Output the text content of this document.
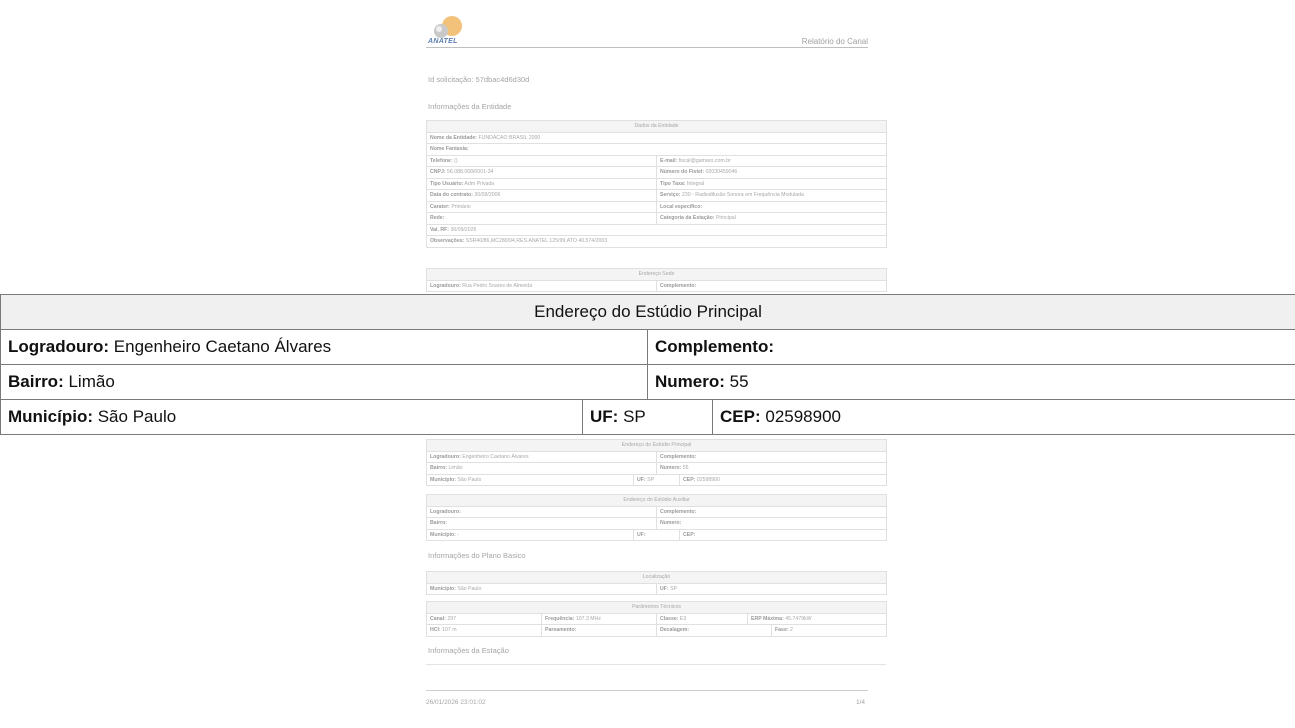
ANATEL	Relatório do Canal
Id solicitação: 57dbac4d6d30d
Informações da Entidade
Dados da Entidade	
Nome da Entidade: FUNDACAO BRASIL 2000	
Nome Fantasia:	
Telefone: ()	E-mail: fiscal@gamaro.com.br
CNPJ: 56.088.068/0001-34	Número do Fistel: 02030459046
Tipo Usuário: Adm Privada	Tipo Taxa: Integral
Data do contrato: 30/09/2006	Serviço: 230 - Radiodifusão Sonora em Frequência Modulada
Carater: Primário	Local específico:
Rede:	Categoria da Estação: Principal
Val. RF: 30/09/2026	
Observações: SSR40/86,MC280/94,RES.ANATEL 125/99,ATO 40.574/2003	
Endereço Sede
Logradouro: Rua Pedro Soares de Almeida	Complemento:
Endereço do Estúdio Principal			
Logradouro: Engenheiro Caetano Álvares		Complemento:	
Bairro: Limão		Numero: 55	
Município: São Paulo	UF: SP		CEP: 02598900
Endereço do Estúdio Auxiliar			
Logradouro:		Complemento:	
Bairro:		Numero:	
Município: -	UF:		CEP:
Informações do Plano Basico
Localização
Município: São Paulo	UF: SP
Parâmetros Técnicos				
Canal: 297	Frequência: 107.3 MHz	Classe: E3	ERP Máxima: 45.7479kW	
HCI: 107 m	Pareamento:	Decalagem:		Fase: 2
Informações da Estação
26/01/2026 23:01:02	1/4
Endereço do Estúdio Principal			
Logradouro: Engenheiro Caetano Álvares		Complemento:	
Bairro: Limão		Numero: 55	
Município: São Paulo	UF: SP		CEP: 02598900
